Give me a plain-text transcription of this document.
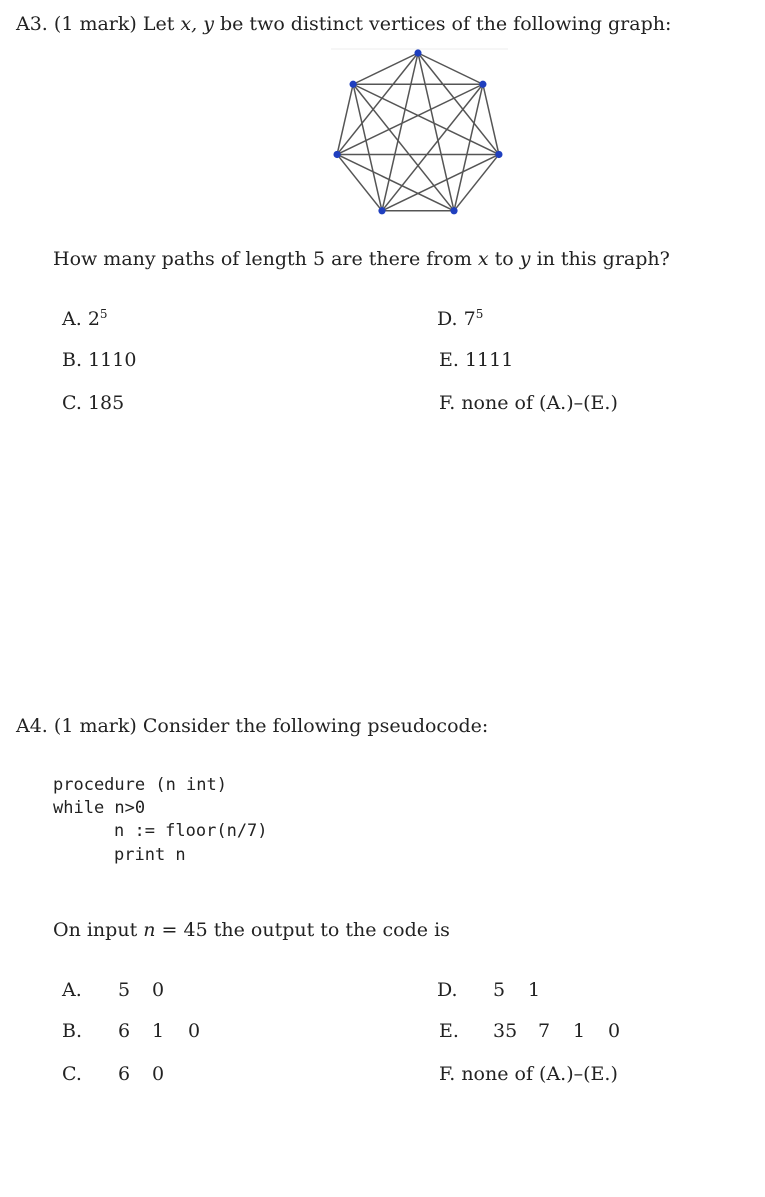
A3. (1 mark) Let x, y be two distinct vertices of the following graph:
How many paths of length 5 are there from x to y in this graph?
A. $2^5$
B. 1110
C. 185
D. $7^5$
E. 1111
F. none of (A.)–(E.)
A4. (1 mark) Consider the following pseudocode:
procedure (n int)
while n>0
n := floor(n/7)
print n
On input n = 45 the output to the code is
A. 5 0
B. 6 1 0
C. 6 0
D. 5 1
E. 35 7 1 0
F. none of (A.)–(E.)
